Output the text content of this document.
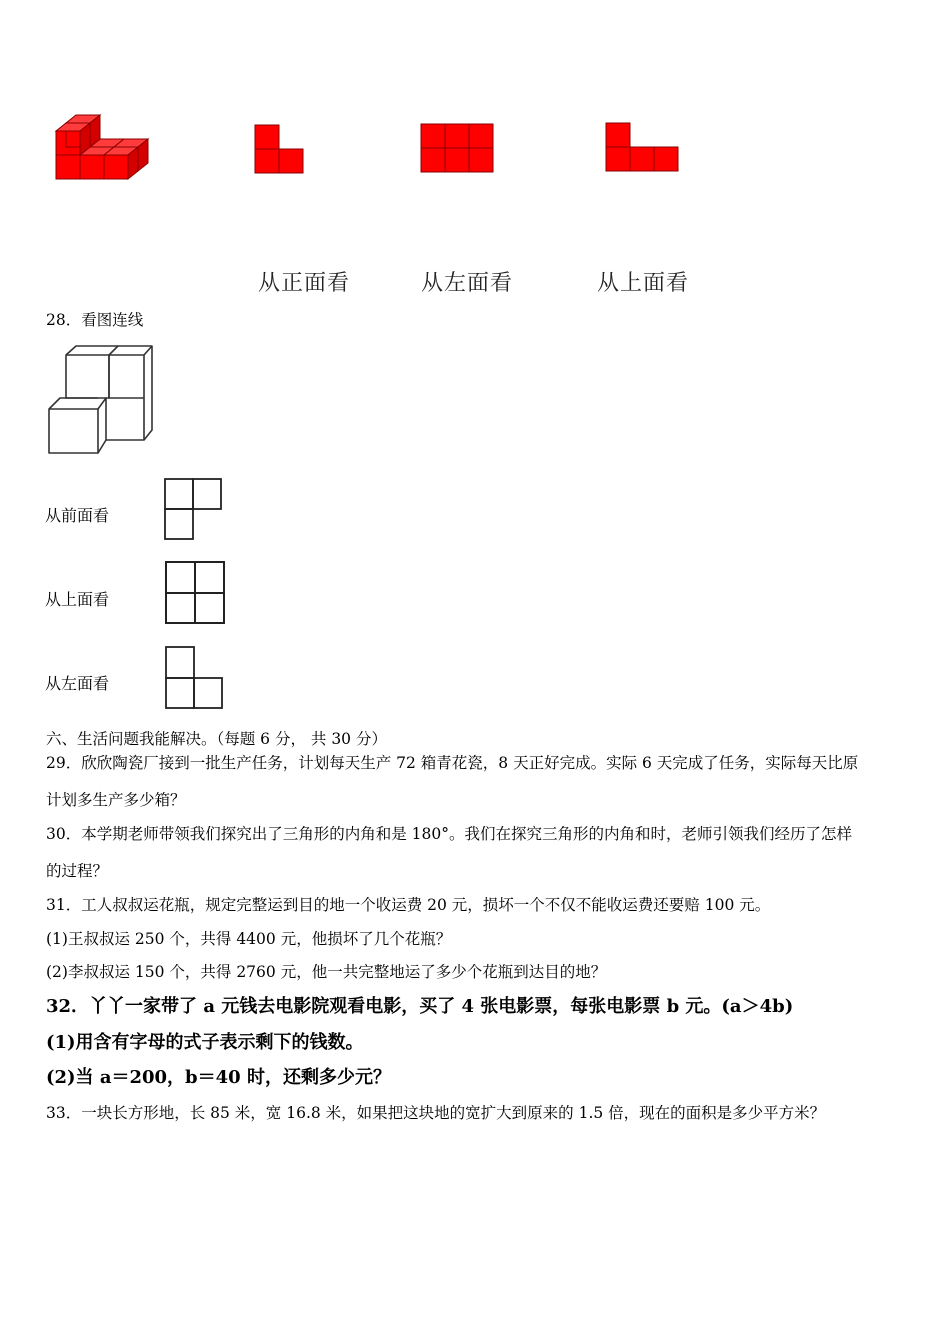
从正面看	从左面看	从上面看
28．看图连线
从前面看
从上面看
从左面看
六、生活问题我能解决。（每题 6 分， 共 30 分）
29．欣欣陶瓷厂接到一批生产任务，计划每天生产 72 箱青花瓷，8 天正好完成。实际 6 天完成了任务，实际每天比原
计划多生产多少箱？
30．本学期老师带领我们探究出了三角形的内角和是 180°。我们在探究三角形的内角和时，老师引领我们经历了怎样
的过程？
31．工人叔叔运花瓶，规定完整运到目的地一个收运费 20 元，损坏一个不仅不能收运费还要赔 100 元。
(1)王叔叔运 250 个，共得 4400 元，他损坏了几个花瓶？
(2)李叔叔运 150 个，共得 2760 元，他一共完整地运了多少个花瓶到达目的地？
32．丫丫一家带了 a 元钱去电影院观看电影，买了 4 张电影票，每张电影票 b 元。(a＞4b)
(1)用含有字母的式子表示剩下的钱数。
(2)当 a＝200，b＝40 时，还剩多少元？
33．一块长方形地，长 85 米，宽 16.8 米，如果把这块地的宽扩大到原来的 1.5 倍，现在的面积是多少平方米？
